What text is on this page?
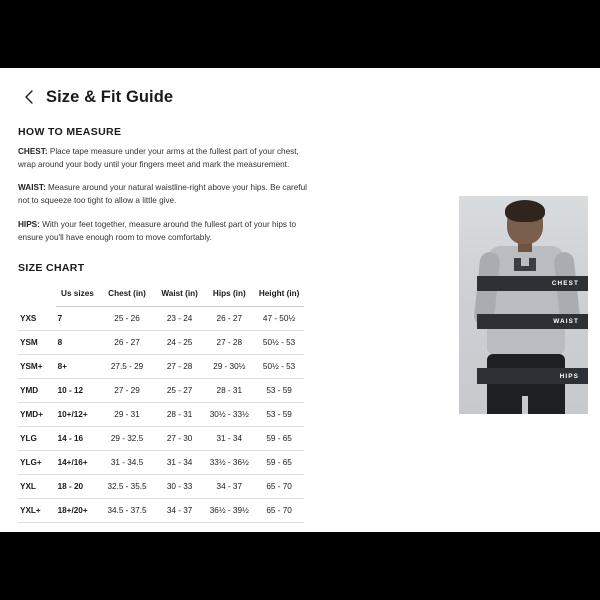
Size & Fit Guide
HOW TO MEASURE

CHEST: Place tape measure under your arms at the fullest part of your chest, wrap around your body until your fingers meet and mark the measurement.

WAIST: Measure around your natural waistline-right above your hips. Be careful not to squeeze too tight to allow a little give.

HIPS: With your feet together, measure around the fullest part of your hips to ensure you'll have enough room to move comfortably.

CHEST
WAIST
HIPS
SIZE CHART
	Us sizes	Chest (in)	Waist (in)	Hips (in)	Height (in)
YXS	7	25 - 26	23 - 24	26 - 27	47 - 50½
YSM	8	26 - 27	24 - 25	27 - 28	50½ - 53
YSM+	8+	27.5 - 29	27 - 28	29 - 30½	50½ - 53
YMD	10 - 12	27 - 29	25 - 27	28 - 31	53 - 59
YMD+	10+/12+	29 - 31	28 - 31	30½ - 33½	53 - 59
YLG	14 - 16	29 - 32.5	27 - 30	31 - 34	59 - 65
YLG+	14+/16+	31 - 34.5	31 - 34	33½ - 36½	59 - 65
YXL	18 - 20	32.5 - 35.5	30 - 33	34 - 37	65 - 70
YXL+	18+/20+	34.5 - 37.5	34 - 37	36½ - 39½	65 - 70
